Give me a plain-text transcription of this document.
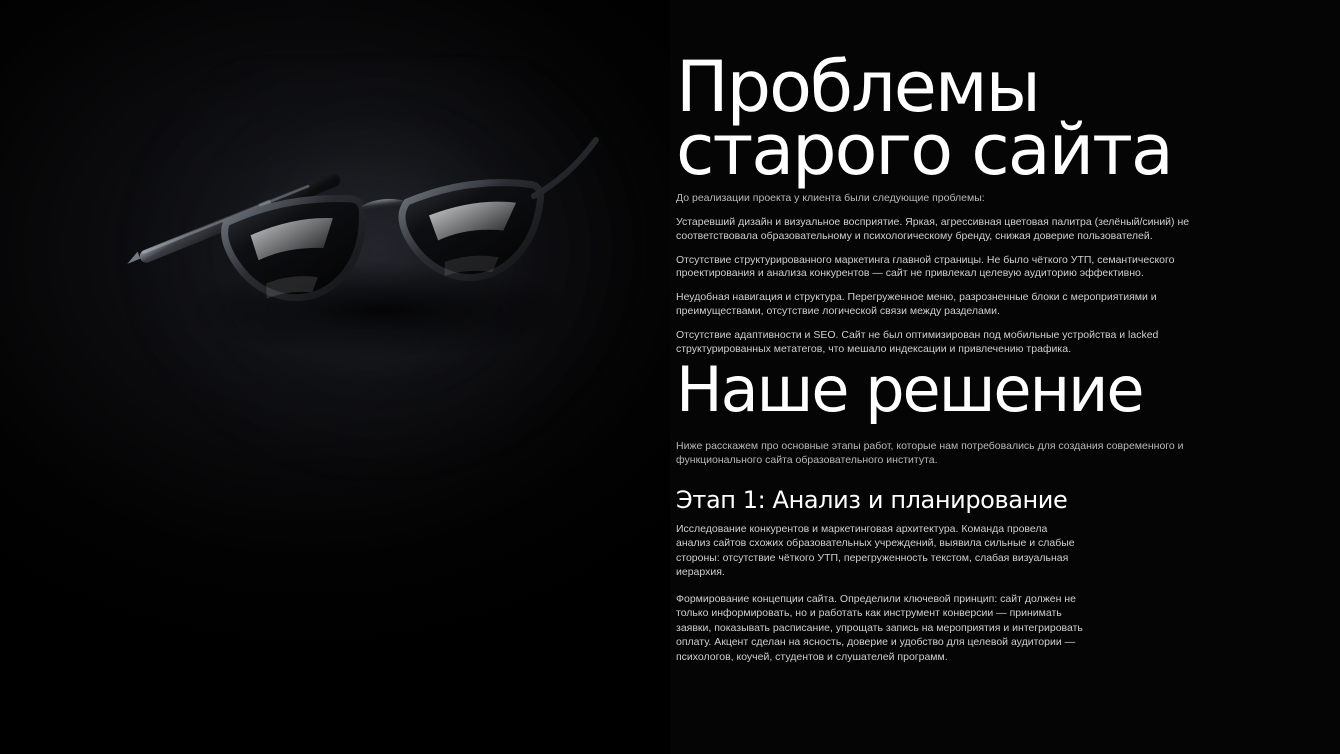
Проблемы старого сайта

До реализации проекта у клиента были следующие проблемы:

Устаревший дизайн и визуальное восприятие. Яркая, агрессивная цветовая палитра (зелёный/синий) не соответствовала образовательному и психологическому бренду, снижая доверие пользователей.

Отсутствие структурированного маркетинга главной страницы. Не было чёткого УТП, семантического проектирования и анализа конкурентов — сайт не привлекал целевую аудиторию эффективно.

Неудобная навигация и структура. Перегруженное меню, разрозненные блоки с мероприятиями и преимуществами, отсутствие логической связи между разделами.

Отсутствие адаптивности и SEO. Сайт не был оптимизирован под мобильные устройства и lacked структурированных метатегов, что мешало индексации и привлечению трафика.

Наше решение

Ниже расскажем про основные этапы работ, которые нам потребовались для создания современного и функционального сайта образовательного института.

Этап 1: Анализ и планирование

Исследование конкурентов и маркетинговая архитектура. Команда провела анализ сайтов схожих образовательных учреждений, выявила сильные и слабые стороны: отсутствие чёткого УТП, перегруженность текстом, слабая визуальная иерархия.

Формирование концепции сайта. Определили ключевой принцип: сайт должен не только информировать, но и работать как инструмент конверсии — принимать заявки, показывать расписание, упрощать запись на мероприятия и интегрировать оплату. Акцент сделан на ясность, доверие и удобство для целевой аудитории — психологов, коучей, студентов и слушателей программ.
